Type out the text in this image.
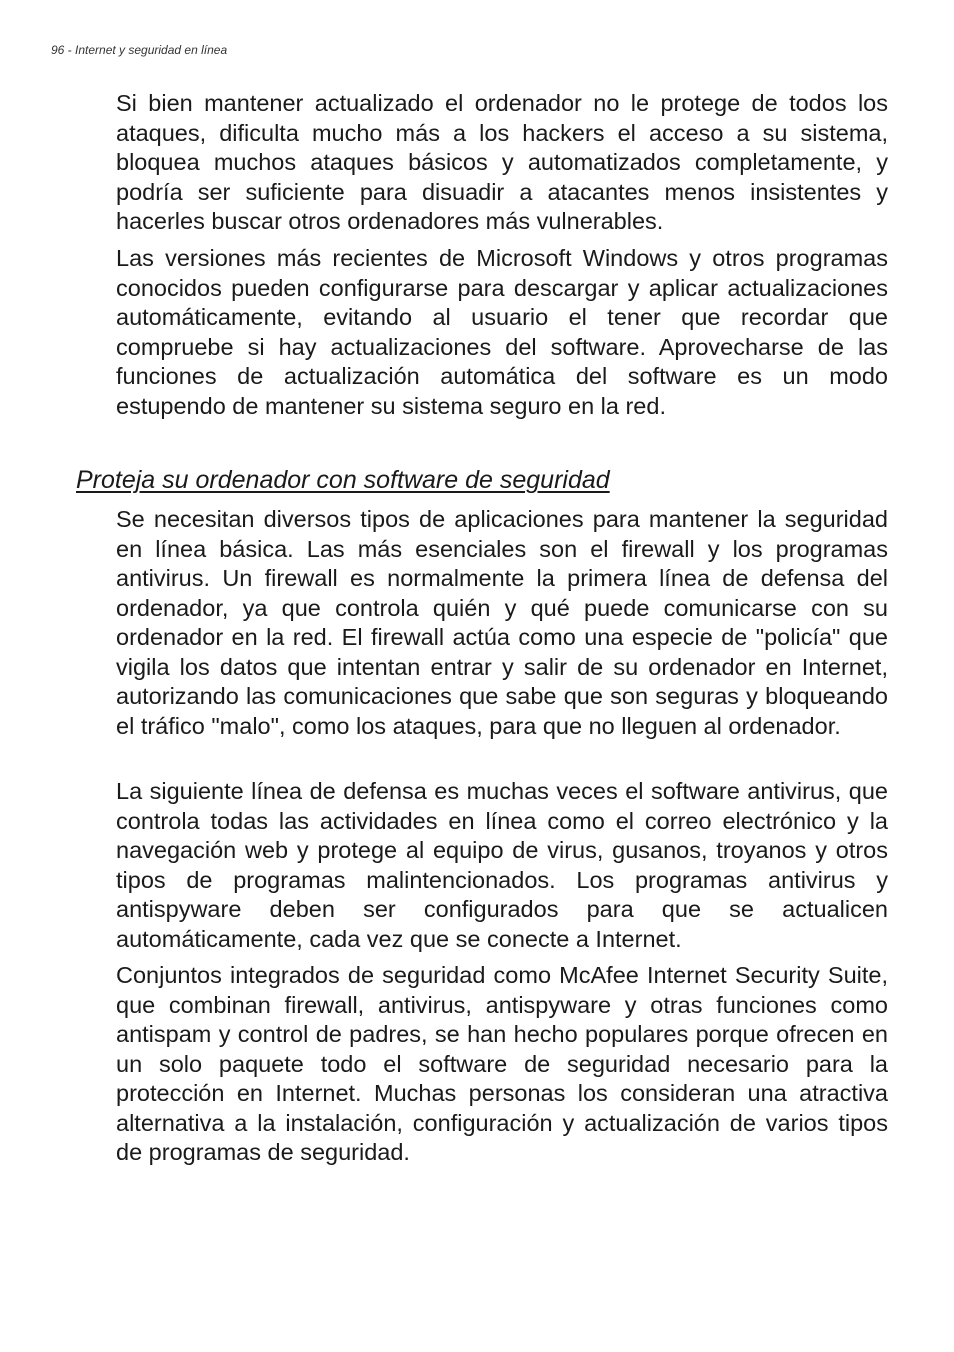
96 - Internet y seguridad en línea

Si bien mantener actualizado el ordenador no le protege de todos los ataques, dificulta mucho más a los hackers el acceso a su sistema, bloquea muchos ataques básicos y automatizados completamente, y podría ser suficiente para disuadir a atacantes menos insistentes y hacerles buscar otros ordenadores más vulnerables.

Las versiones más recientes de Microsoft Windows y otros programas conocidos pueden configurarse para descargar y aplicar actualizaciones automáticamente, evitando al usuario el tener que recordar que compruebe si hay actualizaciones del software. Aprovecharse de las funciones de actualización automática del software es un modo estupendo de mantener su sistema seguro en la red.

Proteja su ordenador con software de seguridad

Se necesitan diversos tipos de aplicaciones para mantener la seguridad en línea básica. Las más esenciales son el firewall y los programas antivirus. Un firewall es normalmente la primera línea de defensa del ordenador, ya que controla quién y qué puede comunicarse con su ordenador en la red. El firewall actúa como una especie de "policía" que vigila los datos que intentan entrar y salir de su ordenador en Internet, autorizando las comunicaciones que sabe que son seguras y bloqueando el tráfico "malo", como los ataques, para que no lleguen al ordenador.

La siguiente línea de defensa es muchas veces el software antivirus, que controla todas las actividades en línea como el correo electrónico y la navegación web y protege al equipo de virus, gusanos, troyanos y otros tipos de programas malintencionados. Los programas antivirus y antispyware deben ser configurados para que se actualicen automáticamente, cada vez que se conecte a Internet.

Conjuntos integrados de seguridad como McAfee Internet Security Suite, que combinan firewall, antivirus, antispyware y otras funciones como antispam y control de padres, se han hecho populares porque ofrecen en un solo paquete todo el software de seguridad necesario para la protección en Internet. Muchas personas los consideran una atractiva alternativa a la instalación, configuración y actualización de varios tipos de programas de seguridad.
